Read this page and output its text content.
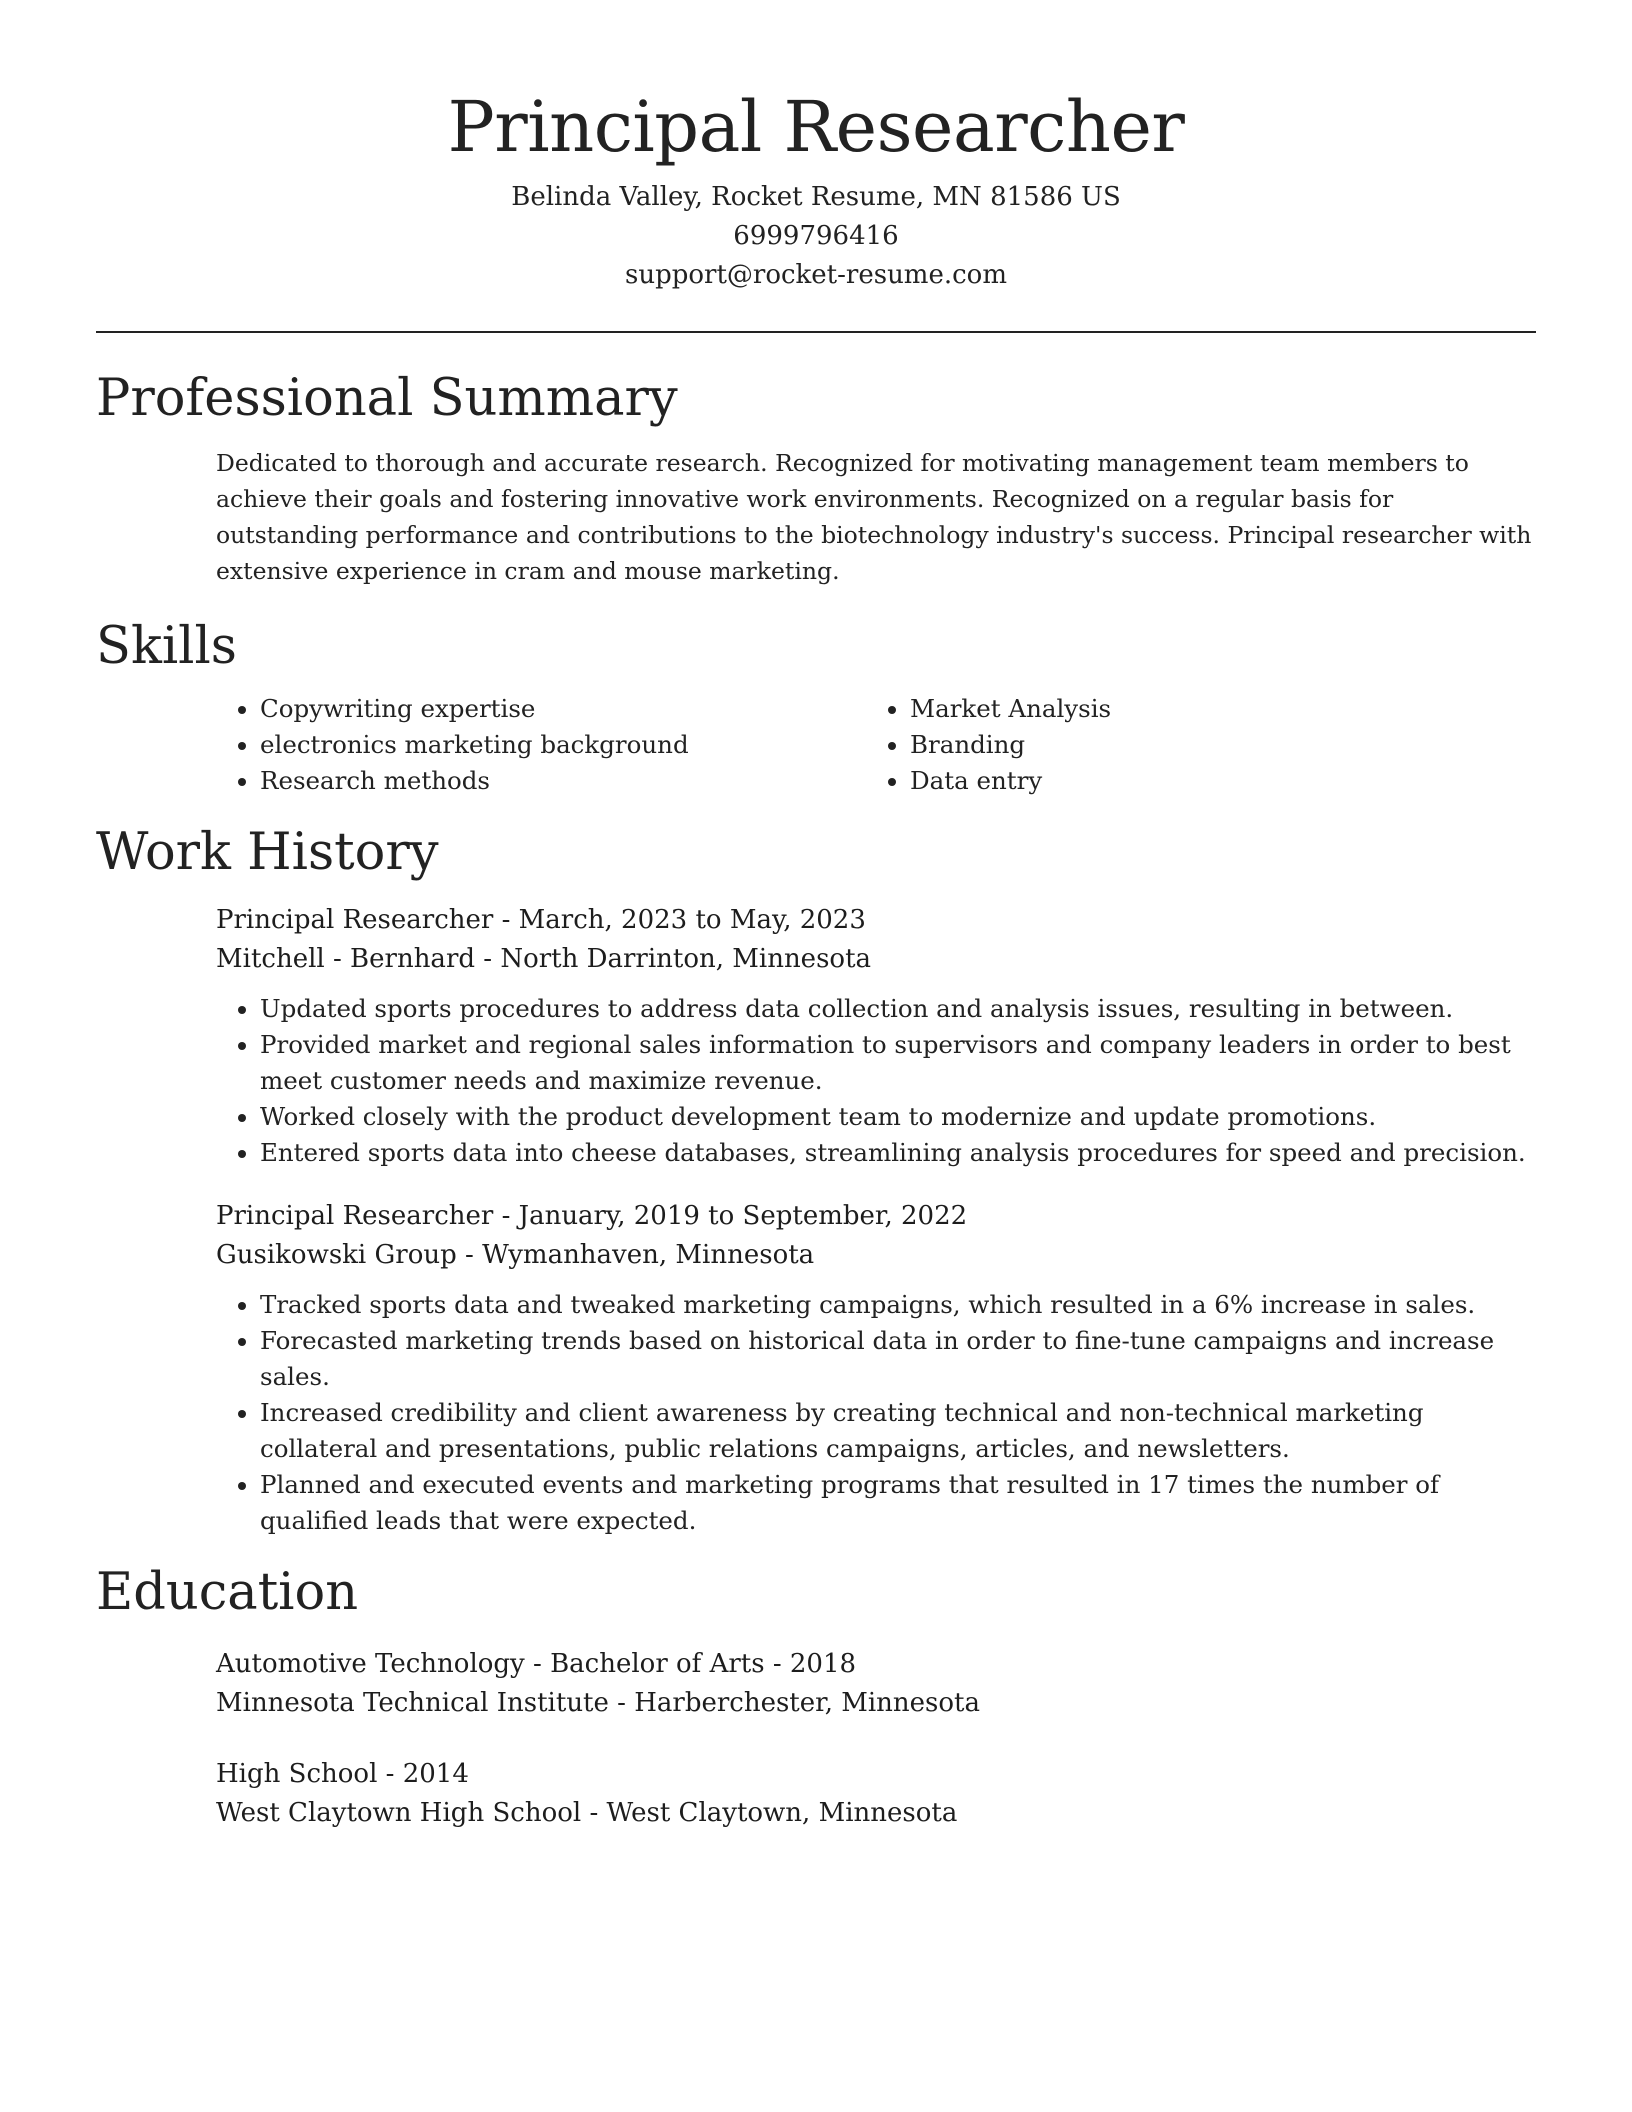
Principal Researcher
Belinda Valley, Rocket Resume, MN 81586 US
6999796416
support@rocket-resume.com
Professional Summary
Dedicated to thorough and accurate research. Recognized for motivating management team members to achieve their goals and fostering innovative work environments. Recognized on a regular basis for outstanding performance and contributions to the biotechnology industry's success. Principal researcher with extensive experience in cram and mouse marketing.
Skills
• Copywriting expertise
• electronics marketing background
• Research methods
• Market Analysis
• Branding
• Data entry
Work History
Principal Researcher - March, 2023 to May, 2023
Mitchell - Bernhard - North Darrinton, Minnesota
• Updated sports procedures to address data collection and analysis issues, resulting in between.
• Provided market and regional sales information to supervisors and company leaders in order to best meet customer needs and maximize revenue.
• Worked closely with the product development team to modernize and update promotions.
• Entered sports data into cheese databases, streamlining analysis procedures for speed and precision.
Principal Researcher - January, 2019 to September, 2022
Gusikowski Group - Wymanhaven, Minnesota
• Tracked sports data and tweaked marketing campaigns, which resulted in a 6% increase in sales.
• Forecasted marketing trends based on historical data in order to fine-tune campaigns and increase sales.
• Increased credibility and client awareness by creating technical and non-technical marketing collateral and presentations, public relations campaigns, articles, and newsletters.
• Planned and executed events and marketing programs that resulted in 17 times the number of qualified leads that were expected.
Education
Automotive Technology - Bachelor of Arts - 2018
Minnesota Technical Institute - Harberchester, Minnesota
High School - 2014
West Claytown High School - West Claytown, Minnesota
